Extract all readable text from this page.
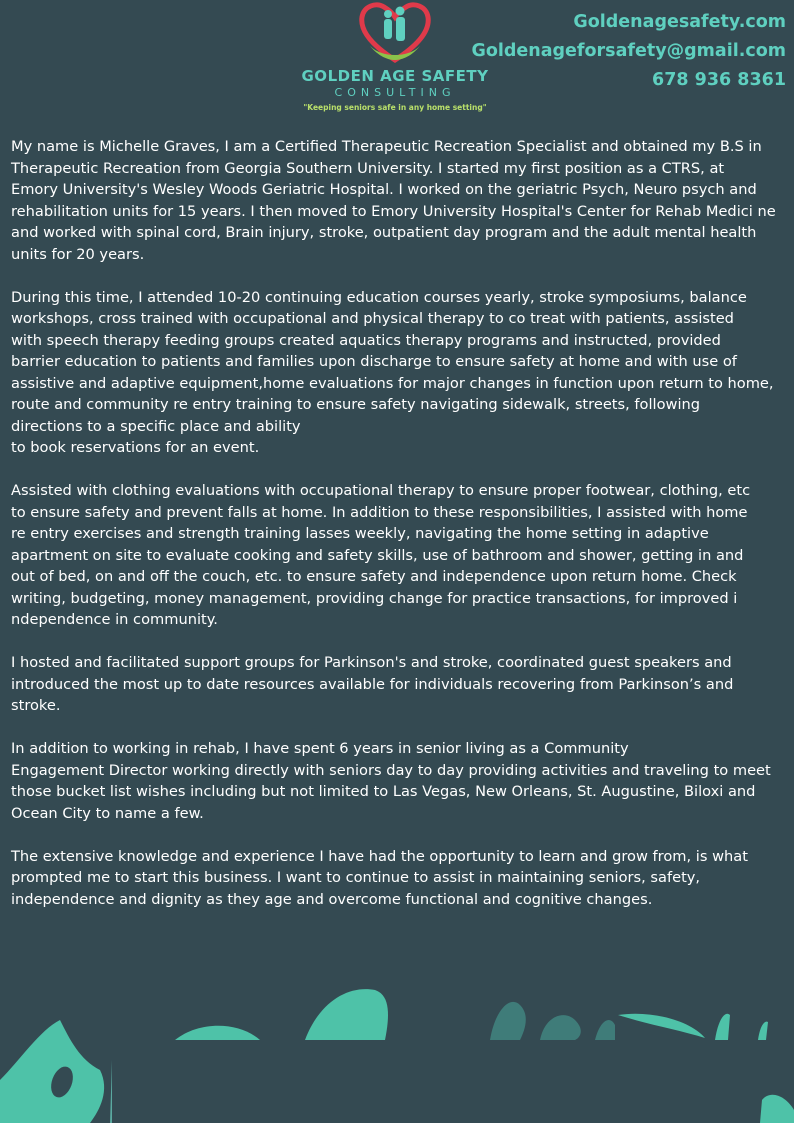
GOLDEN AGE SAFETY
CONSULTING
"Keeping seniors safe in any home setting"
Goldenagesafety.com
Goldenageforsafety@gmail.com
678 936 8361

My name is Michelle Graves, I am a Certified Therapeutic Recreation Specialist and obtained my B.S in
Therapeutic Recreation from Georgia Southern University. I started my first position as a CTRS, at
Emory University's Wesley Woods Geriatric Hospital. I worked on the geriatric Psych, Neuro psych and
rehabilitation units for 15 years. I then moved to Emory University Hospital's Center for Rehab Medici ne
and worked with spinal cord, Brain injury, stroke, outpatient day program and the adult mental health
units for 20 years.

During this time, I attended 10-20 continuing education courses yearly, stroke symposiums, balance
workshops, cross trained with occupational and physical therapy to co treat with patients, assisted
with speech therapy feeding groups created aquatics therapy programs and instructed, provided
barrier education to patients and families upon discharge to ensure safety at home and with use of
assistive and adaptive equipment,home evaluations for major changes in function upon return to home,
route and community re entry training to ensure safety navigating sidewalk, streets, following
directions to a specific place and ability
to book reservations for an event.

Assisted with clothing evaluations with occupational therapy to ensure proper footwear, clothing, etc
to ensure safety and prevent falls at home. In addition to these responsibilities, I assisted with home
re entry exercises and strength training lasses weekly, navigating the home setting in adaptive
apartment on site to evaluate cooking and safety skills, use of bathroom and shower, getting in and
out of bed, on and off the couch, etc. to ensure safety and independence upon return home. Check
writing, budgeting, money management, providing change for practice transactions, for improved i
ndependence in community.

I hosted and facilitated support groups for Parkinson's and stroke, coordinated guest speakers and
introduced the most up to date resources available for individuals recovering from Parkinson’s and
stroke.

In addition to working in rehab, I have spent 6 years in senior living as a Community
Engagement Director working directly with seniors day to day providing activities and traveling to meet
those bucket list wishes including but not limited to Las Vegas, New Orleans, St. Augustine, Biloxi and
Ocean City to name a few.

The extensive knowledge and experience I have had the opportunity to learn and grow from, is what
prompted me to start this business. I want to continue to assist in maintaining seniors, safety,
independence and dignity as they age and overcome functional and cognitive changes.
